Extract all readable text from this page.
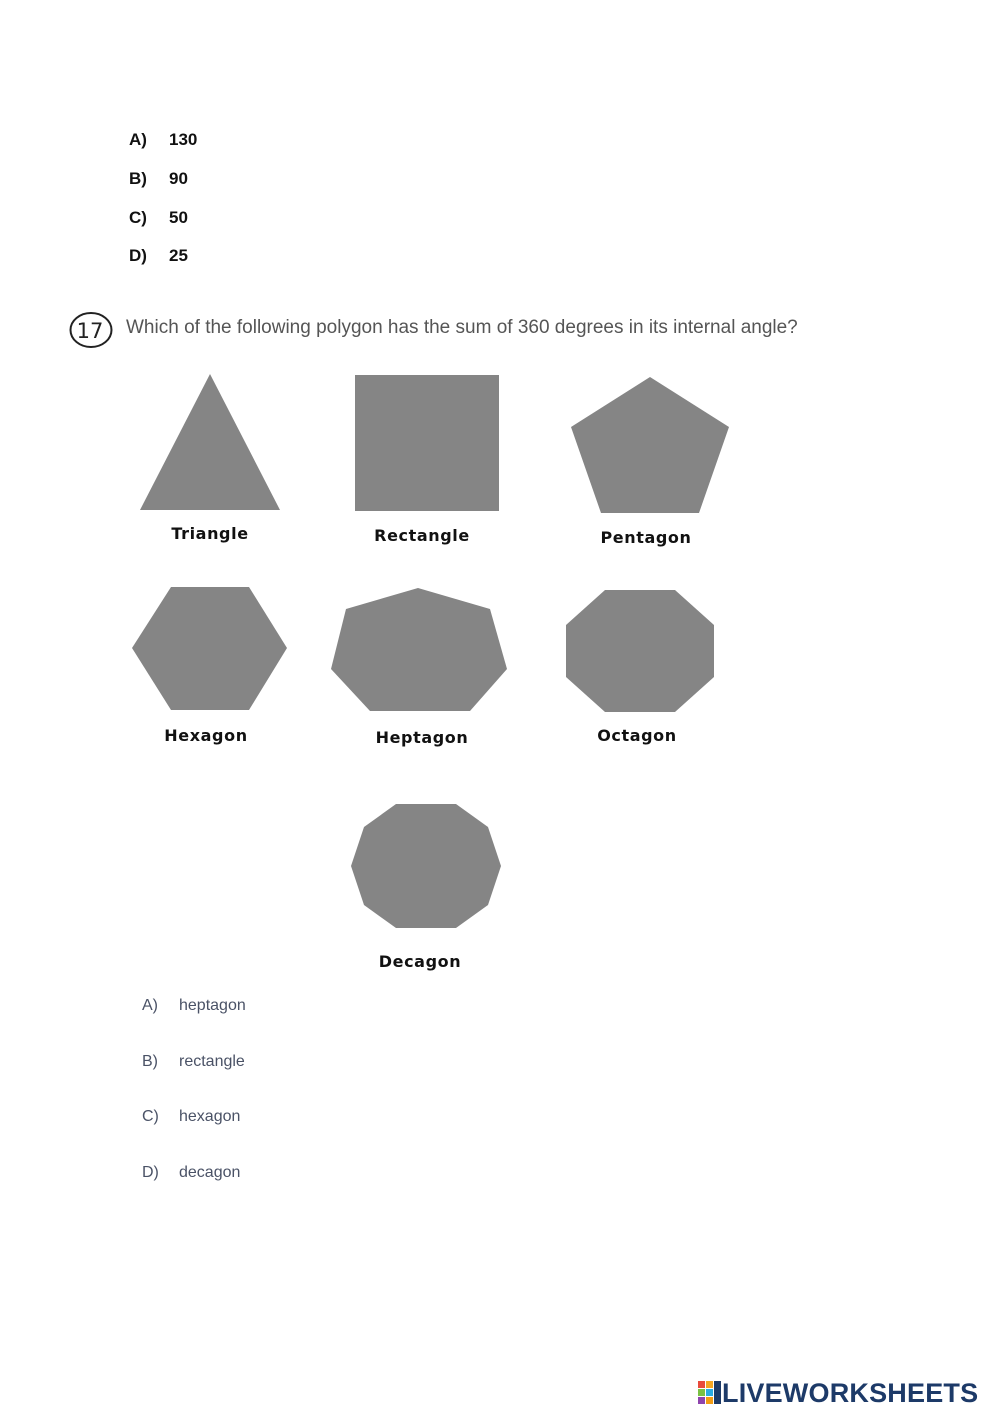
A) 130
B) 90
C) 50
D) 25
17 Which of the following polygon has the sum of 360 degrees in its internal angle?
Triangle	Rectangle	Pentagon
Hexagon	Heptagon	Octagon
Decagon
A) heptagon
B) rectangle
C) hexagon
D) decagon
LIVEWORKSHEETS
